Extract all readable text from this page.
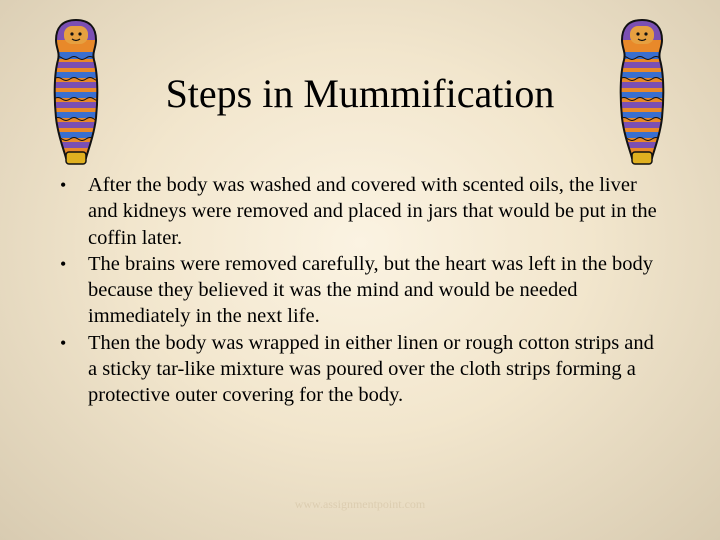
Steps in Mummification
• After the body was washed and covered with scented oils, the liver and kidneys were removed and placed in jars that would be put in the coffin later.
• The brains were removed carefully, but the heart was left in the body because they believed it was the mind and would be needed immediately in the next life.
• Then the body was wrapped in either linen or rough cotton strips and a sticky tar-like mixture was poured over the cloth strips forming a protective outer covering for the body.
www.assignmentpoint.com
